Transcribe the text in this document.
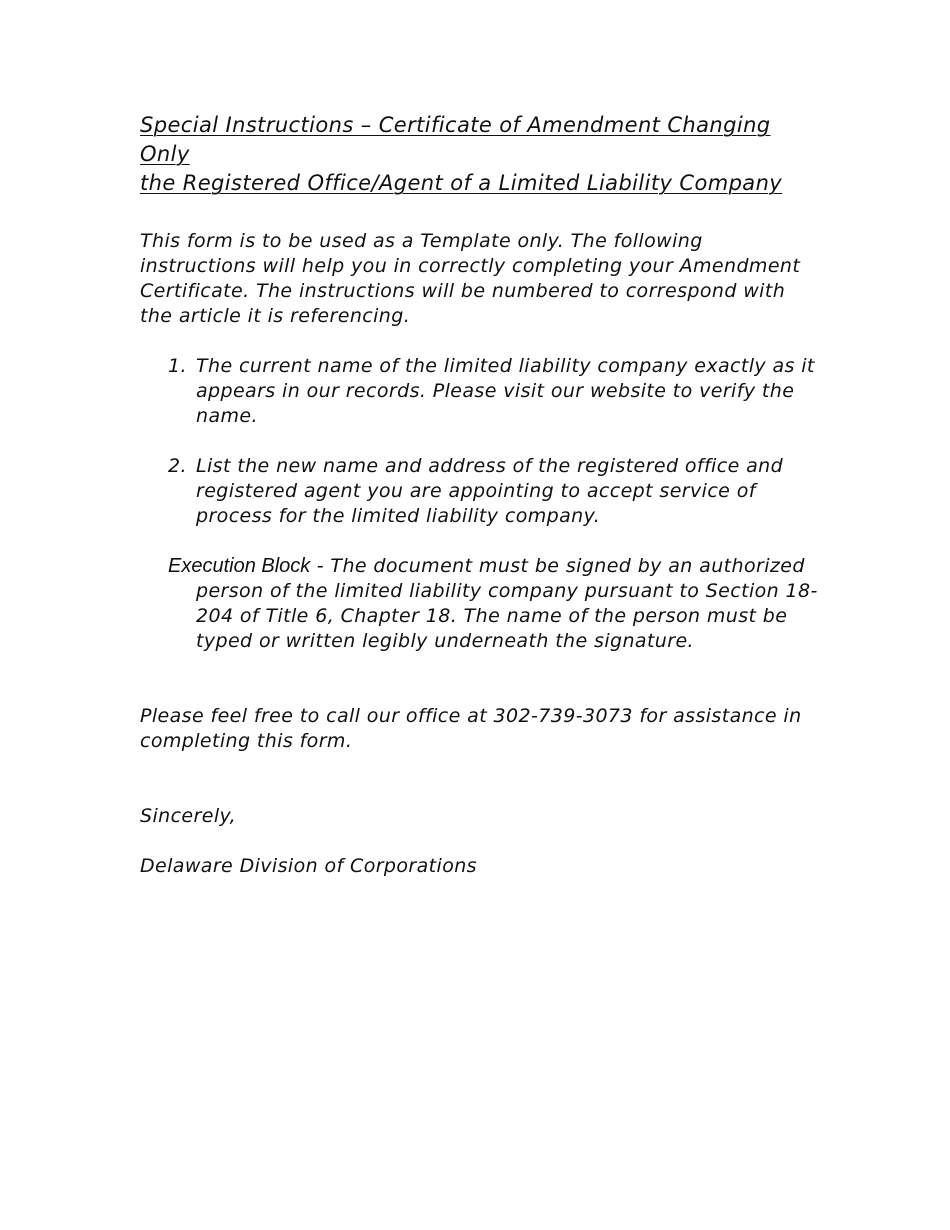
Special Instructions – Certificate of Amendment Changing Only
the Registered Office/Agent of a Limited Liability Company

This form is to be used as a Template only. The following instructions will help you in correctly completing your Amendment Certificate. The instructions will be numbered to correspond with the article it is referencing.

1. The current name of the limited liability company exactly as it appears in our records. Please visit our website to verify the name.
2. List the new name and address of the registered office and registered agent you are appointing to accept service of process for the limited liability company.

Execution Block - The document must be signed by an authorized person of the limited liability company pursuant to Section 18-204 of Title 6, Chapter 18. The name of the person must be typed or written legibly underneath the signature.

Please feel free to call our office at 302-739-3073 for assistance in completing this form.

Sincerely,

Delaware Division of Corporations
